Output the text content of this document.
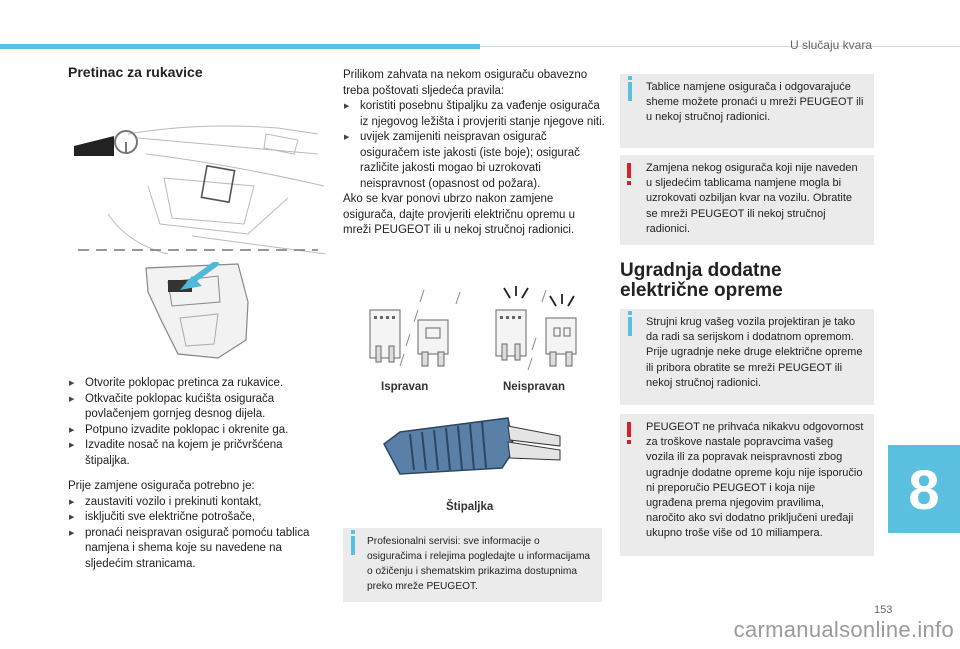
U slučaju kvara
8
153
carmanualsonline.info
Pretinac za rukavice
▶ Otvorite poklopac pretinca za rukavice.
▶ Otkvačite poklopac kućišta osigurača povlačenjem gornjeg desnog dijela.
▶ Potpuno izvadite poklopac i okrenite ga.
▶ Izvadite nosač na kojem je pričvršćena štipaljka.

Prije zamjene osigurača potrebno je:

▶ zaustaviti vozilo i prekinuti kontakt,
▶ isključiti sve električne potrošače,
▶ pronaći neispravan osigurač pomoću tablica namjena i shema koje su navedene na sljedećim stranicama.

Prilikom zahvata na nekom osiguraču obavezno treba poštovati sljedeća pravila:

▶ koristiti posebnu štipaljku za vađenje osigurača iz njegovog ležišta i provjeriti stanje njegove niti.
▶ uvijek zamijeniti neispravan osigurač osiguračem iste jakosti (iste boje); osigurač različite jakosti mogao bi uzrokovati neispravnost (opasnost od požara).

Ako se kvar ponovi ubrzo nakon zamjene osigurača, dajte provjeriti električnu opremu u mreži PEUGEOT ili u nekoj stručnoj radionici.

Ispravan	Neispravan
Štipaljka
Profesionalni servisi: sve informacije o osiguračima i relejima pogledajte u informacijama o ožičenju i shematskim prikazima dostupnima preko mreže PEUGEOT.
Tablice namjene osigurača i odgovarajuće sheme možete pronaći u mreži PEUGEOT ili u nekoj stručnoj radionici.
Zamjena nekog osigurača koji nije naveden u sljedećim tablicama namjene mogla bi uzrokovati ozbiljan kvar na vozilu. Obratite se mreži PEUGEOT ili nekoj stručnoj radionici.
Ugradnja dodatne
električne opreme
Strujni krug vašeg vozila projektiran je tako da radi sa serijskom i dodatnom opremom.
Prije ugradnje neke druge električne opreme ili pribora obratite se mreži PEUGEOT ili nekoj stručnoj radionici.
PEUGEOT ne prihvaća nikakvu odgovornost za troškove nastale popravcima vašeg vozila ili za popravak neispravnosti zbog ugradnje dodatne opreme koju nije isporučio ni preporučio PEUGEOT i koja nije ugrađena prema njegovim pravilima, naročito ako svi dodatno priključeni uređaji ukupno troše više od 10 miliampera.
